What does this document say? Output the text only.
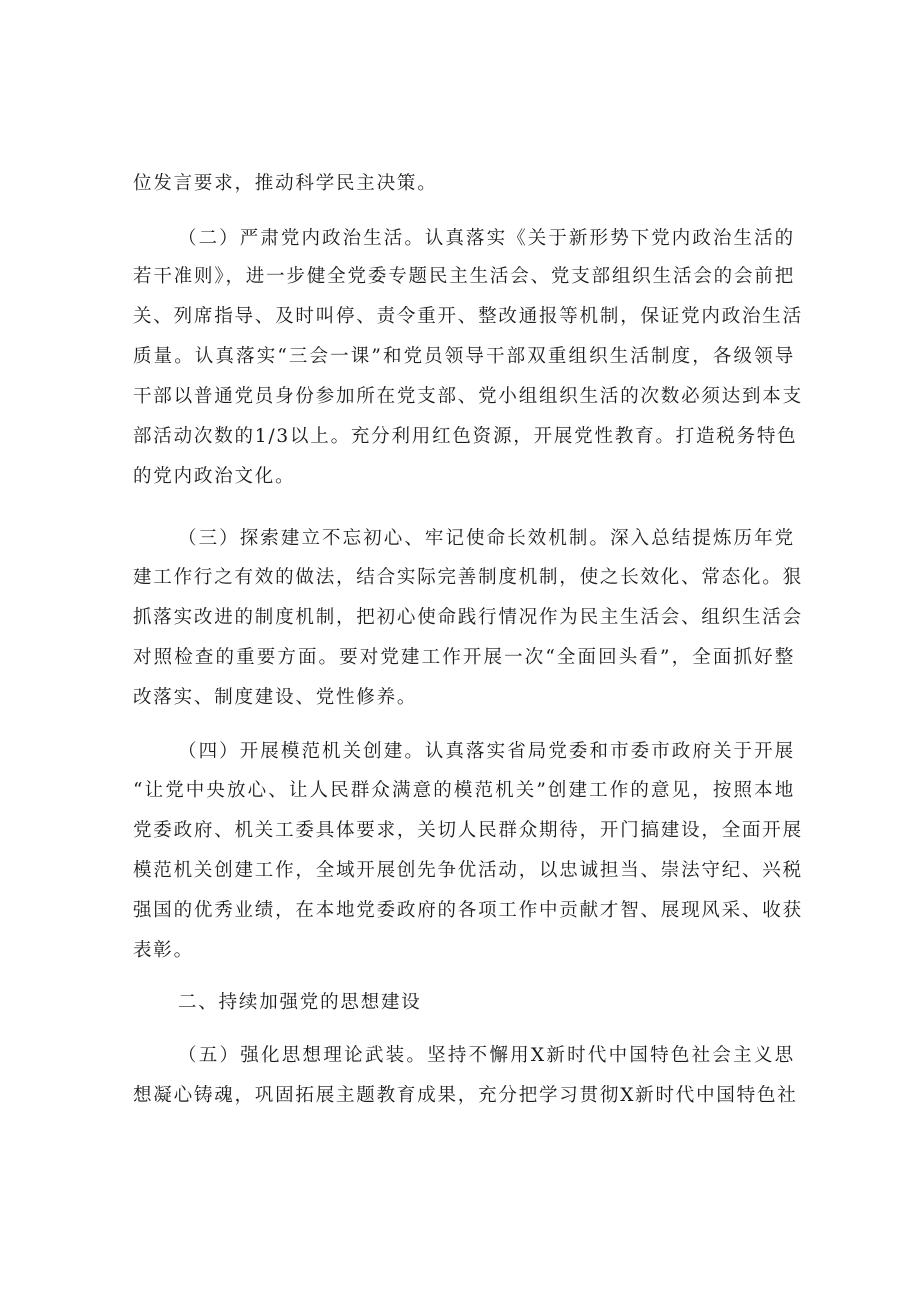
位发言要求，推动科学民主决策。
（二）严肃党内政治生活。认真落实《关于新形势下党内政治生活的
若干准则》，进一步健全党委专题民主生活会、党支部组织生活会的会前把
关、列席指导、及时叫停、责令重开、整改通报等机制，保证党内政治生活
质量。认真落实“三会一课”和党员领导干部双重组织生活制度，各级领导
干部以普通党员身份参加所在党支部、党小组组织生活的次数必须达到本支
部活动次数的1/3以上。充分利用红色资源，开展党性教育。打造税务特色
的党内政治文化。
（三）探索建立不忘初心、牢记使命长效机制。深入总结提炼历年党
建工作行之有效的做法，结合实际完善制度机制，使之长效化、常态化。狠
抓落实改进的制度机制，把初心使命践行情况作为民主生活会、组织生活会
对照检查的重要方面。要对党建工作开展一次“全面回头看”，全面抓好整
改落实、制度建设、党性修养。
（四）开展模范机关创建。认真落实省局党委和市委市政府关于开展
“让党中央放心、让人民群众满意的模范机关”创建工作的意见，按照本地
党委政府、机关工委具体要求，关切人民群众期待，开门搞建设，全面开展
模范机关创建工作，全域开展创先争优活动，以忠诚担当、崇法守纪、兴税
强国的优秀业绩，在本地党委政府的各项工作中贡献才智、展现风采、收获
表彰。
二、持续加强党的思想建设
（五）强化思想理论武装。坚持不懈用X新时代中国特色社会主义思
想凝心铸魂，巩固拓展主题教育成果，充分把学习贯彻X新时代中国特色社
